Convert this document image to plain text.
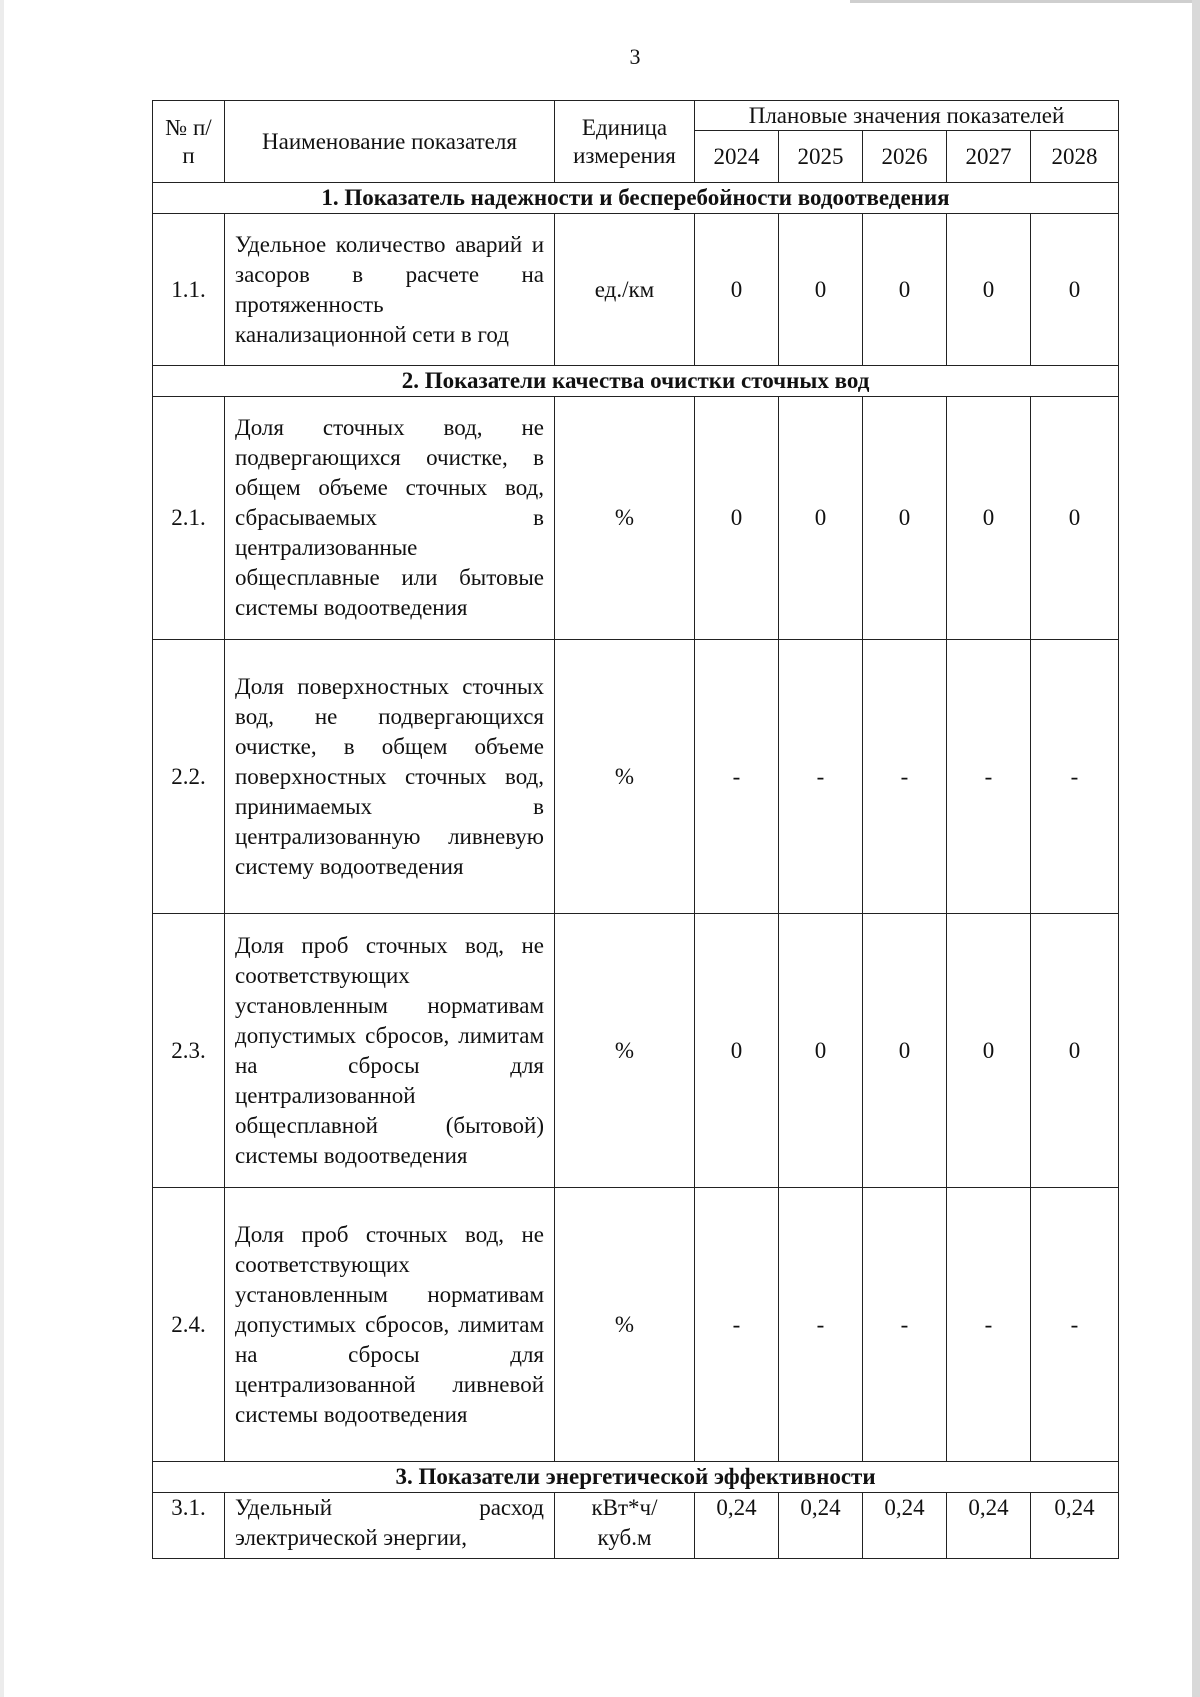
3
№ п/п	Наименование показателя	Единица измерения	Плановые значения показателей				
			2024	2025	2026	2027	2028
1. Показатель надежности и бесперебойности водоотведения							
1.1.	Удельное количество аварий и засоров в расчете на протяженность канализационной сети в год	ед./км	0	0	0	0	0
2. Показатели качества очистки сточных вод							
2.1.	Доля сточных вод, не подвергающихся очистке, в общем объеме сточных вод, сбрасываемых в централизованные общесплавные или бытовые системы водоотведения	%	0	0	0	0	0
2.2.	Доля поверхностных сточных вод, не подвергающихся очистке, в общем объеме поверхностных сточных вод, принимаемых в централизованную ливневую систему водоотведения	%	-	-	-	-	-
2.3.	Доля проб сточных вод, не соответствующих установленным нормативам допустимых сбросов, лимитам на сбросы для централизованной общесплавной (бытовой) системы водоотведения	%	0	0	0	0	0
2.4.	Доля проб сточных вод, не соответствующих установленным нормативам допустимых сбросов, лимитам на сбросы для централизованной ливневой системы водоотведения	%	-	-	-	-	-
3. Показатели энергетической эффективности							
3.1.	Удельный расход электрической энергии,	кВт*ч/ куб.м	0,24	0,24	0,24	0,24	0,24
